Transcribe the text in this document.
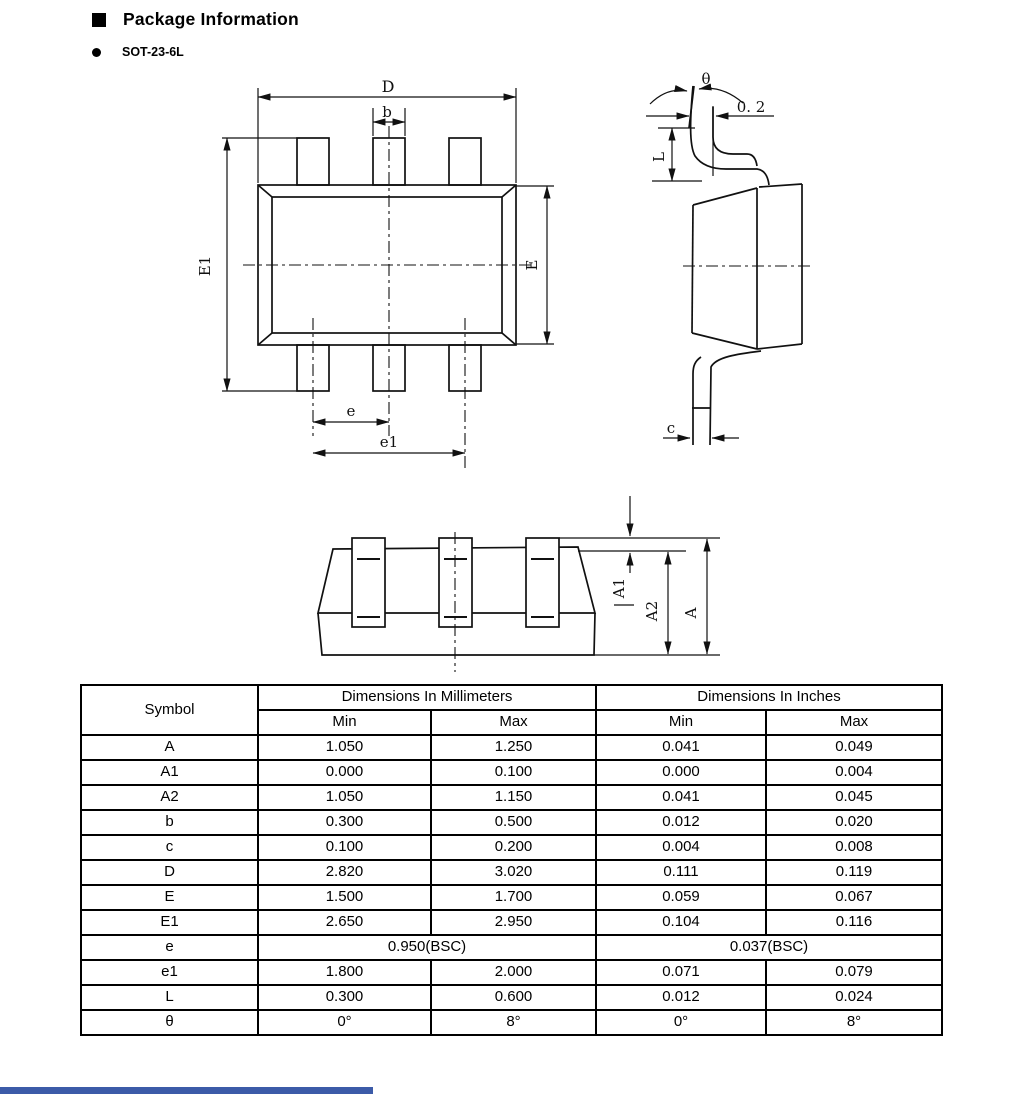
Package Information
SOT-23-6L
D
b
E1	E
e
e1
θ
0. 2
L
c
A1
A2 A
Symbol	Dimensions In Millimeters		Dimensions In Inches	
	Min	Max	Min	Max
A	1.050	1.250	0.041	0.049
A1	0.000	0.100	0.000	0.004
A2	1.050	1.150	0.041	0.045
b	0.300	0.500	0.012	0.020
c	0.100	0.200	0.004	0.008
D	2.820	3.020	0.111	0.119
E	1.500	1.700	0.059	0.067
E1	2.650	2.950	0.104	0.116
e	0.950(BSC)		0.037(BSC)	
e1	1.800	2.000	0.071	0.079
L	0.300	0.600	0.012	0.024
θ	0°	8°	0°	8°
